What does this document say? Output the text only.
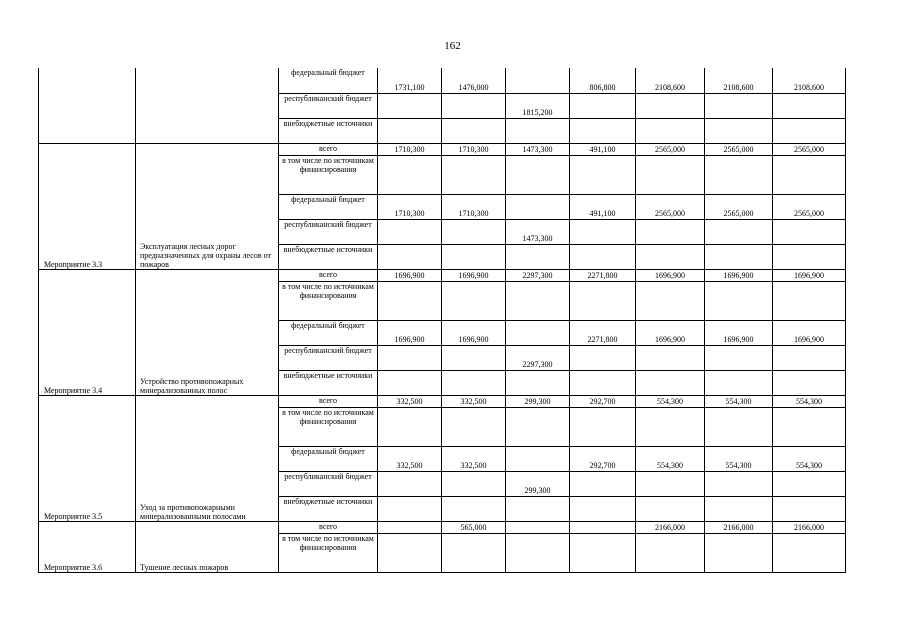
162
		федеральный бюджет	1731,100	1476,000		806,800	2108,600	2108,600	2108,600
		республиканский бюджет			1815,200				
		внебюджетные источники							
Мероприятие 3.3	Эксплуатация лесных дорог предназначенных для охраны лесов от пожаров	всего	1710,300	1710,300	1473,300	491,100	2565,000	2565,000	2565,000
		в том числе по источникам финансирования							
		федеральный бюджет	1710,300	1710,300		491,100	2565,000	2565,000	2565,000
		республиканский бюджет			1473,300				
		внебюджетные источники							
Мероприятие 3.4	Устройство противопожарных минерализованных полос	всего	1696,900	1696,900	2297,300	2271,800	1696,900	1696,900	1696,900
		в том числе по источникам финансирования							
		федеральный бюджет	1696,900	1696,900		2271,800	1696,900	1696,900	1696,900
		республиканский бюджет			2297,300				
		внебюджетные источники							
Мероприятие 3.5	Уход за противопожарными минерализованными полосами	всего	332,500	332,500	299,300	292,700	554,300	554,300	554,300
		в том числе по источникам финансирования							
		федеральный бюджет	332,500	332,500		292,700	554,300	554,300	554,300
		республиканский бюджет			299,300				
		внебюджетные источники							
Мероприятие 3.6	Тушение лесных пожаров	всего		565,000			2166,000	2166,000	2166,000
		в том числе по источникам финансирования							
